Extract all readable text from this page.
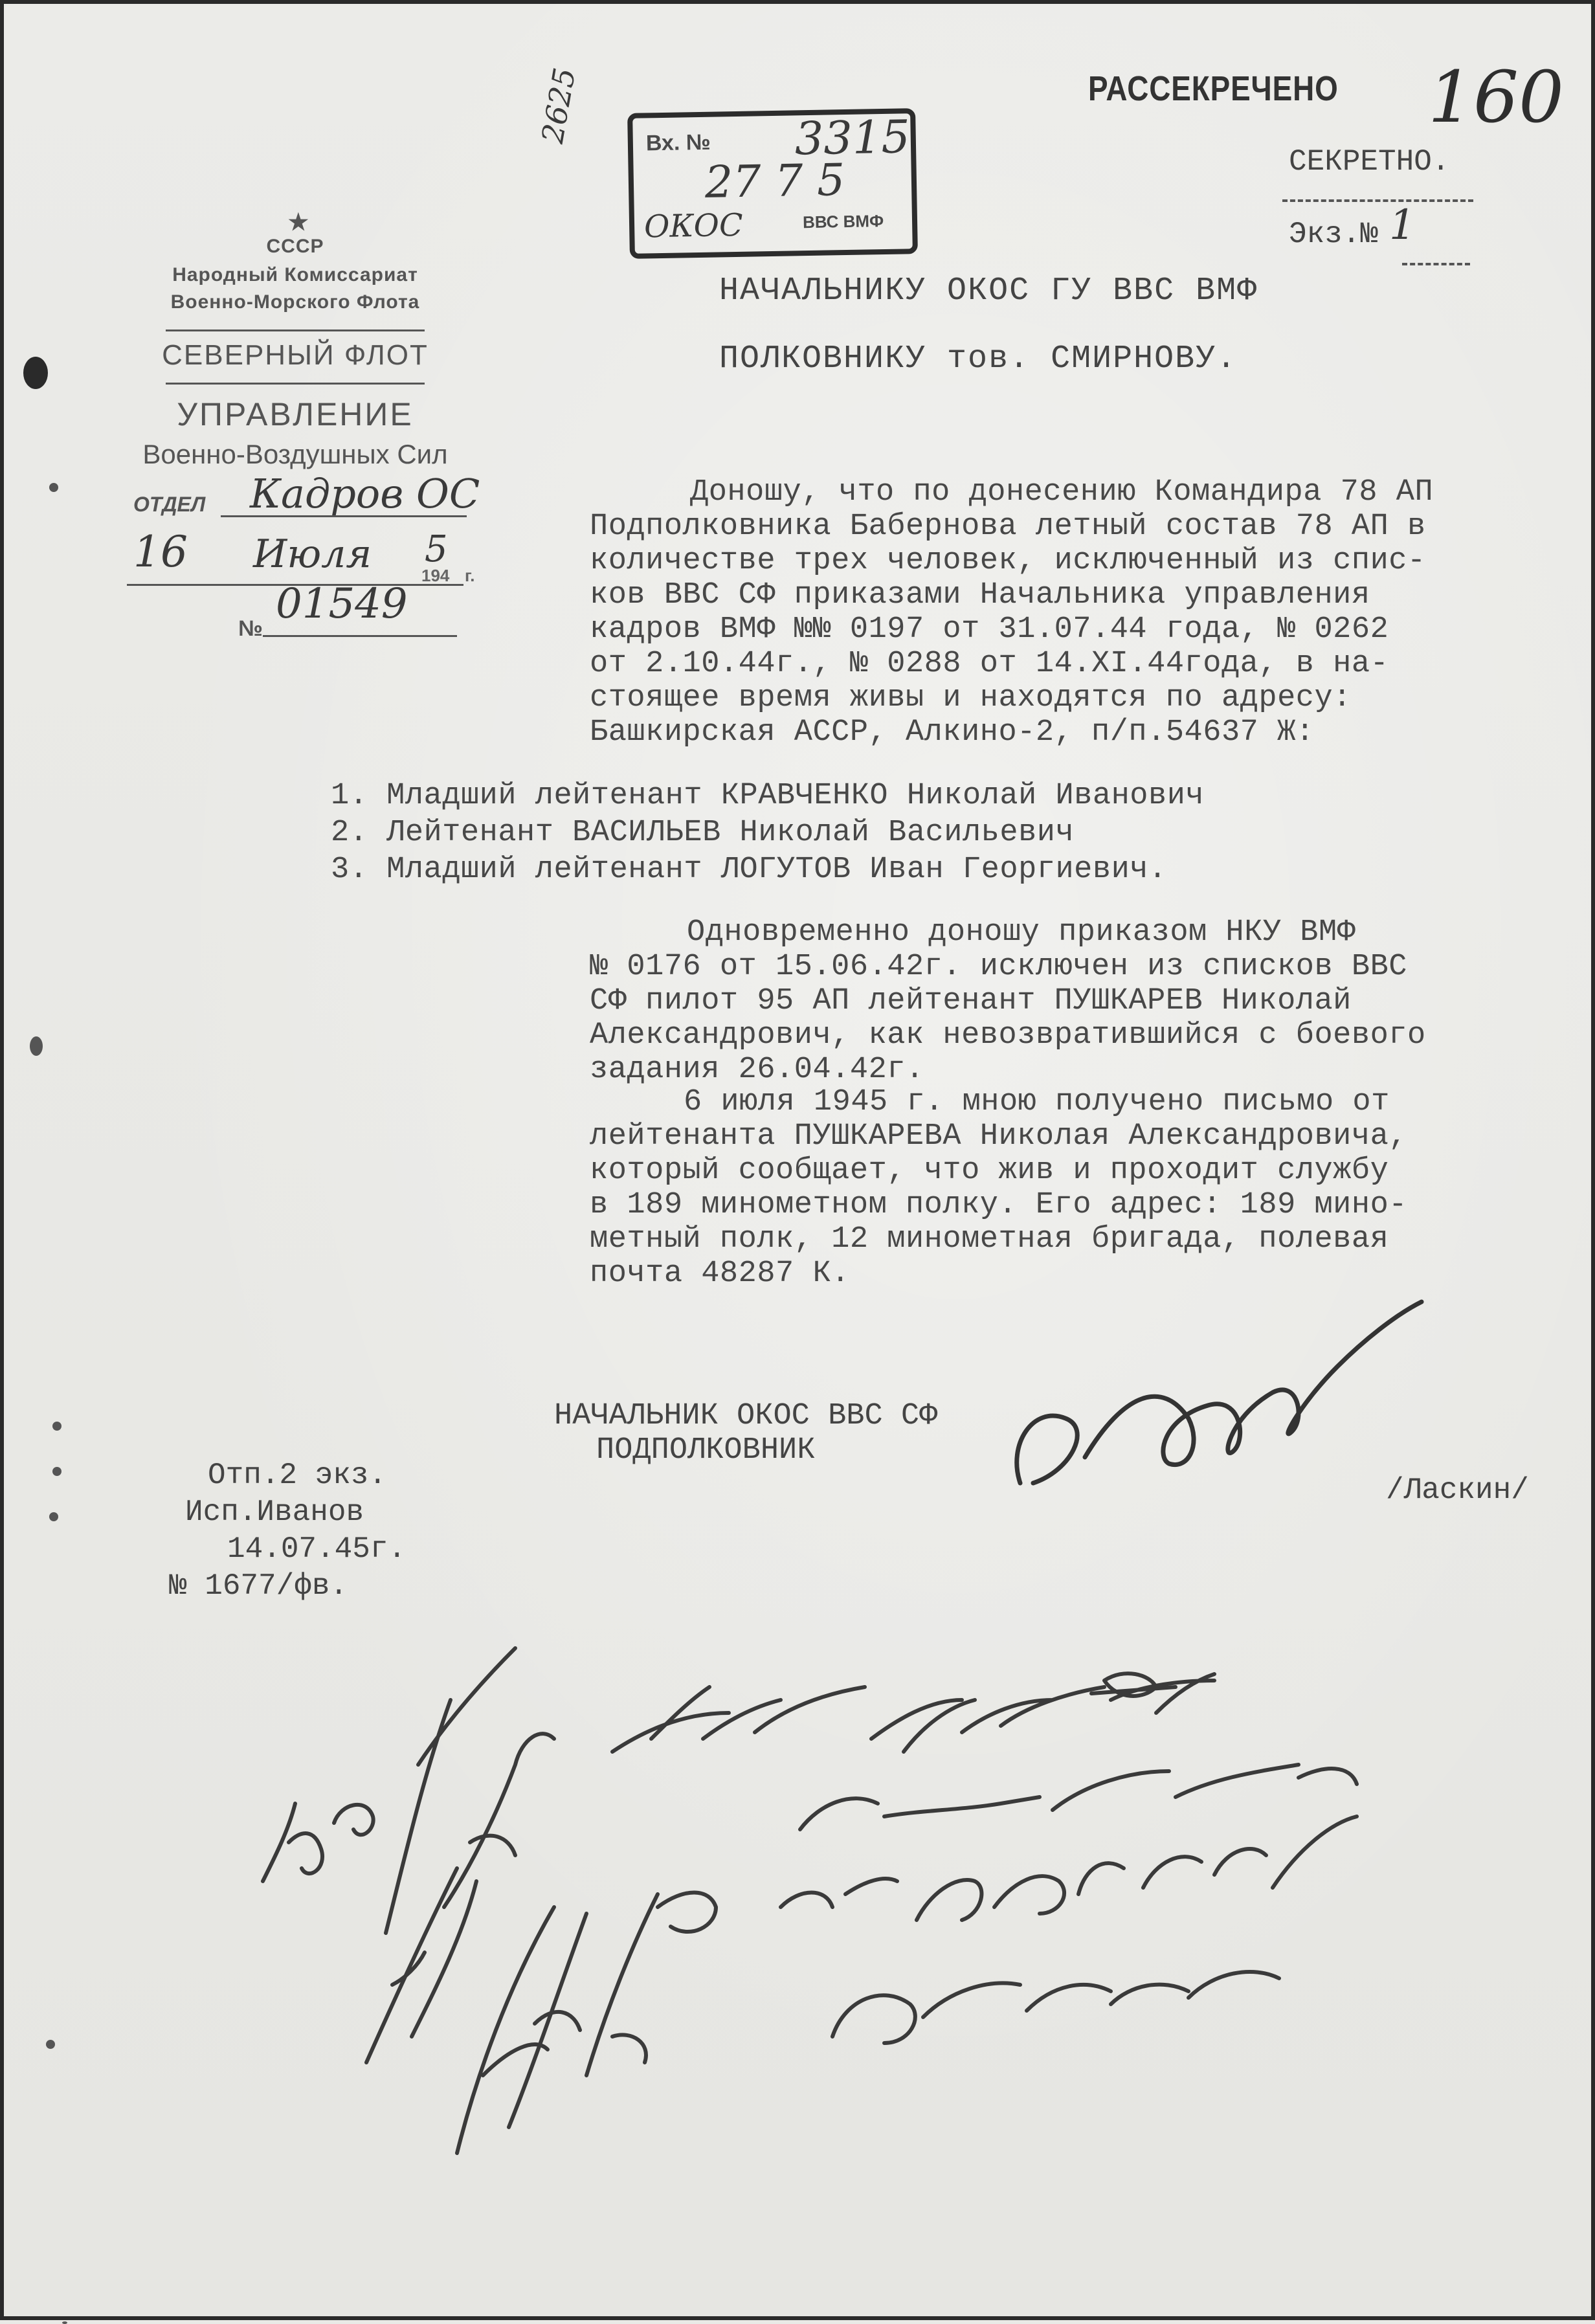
Вх. № 3315
27 7 5
ОКОС	ВВС ВМФ
2625	РАССЕКРЕЧЕНО 160
СЕКРЕТНО.
Экз.№ 1
★
СССР
Народный Комиссариат
Военно-Морского Флота
СЕВЕРНЫЙ ФЛОТ
УПРАВЛЕНИЕ
Военно-Воздушных Сил
ОТДЕЛ Кадров ОС
16 Июля	194
5
г.
№
01549
НАЧАЛЬНИКУ ОКОС ГУ ВВС ВМФ
ПОЛКОВНИКУ тов. СМИРНОВУ.
Доношу, что по донесению Командира 78 АП
Подполковника Бабернова летный состав 78 АП в
количестве трех человек, исключенный из спис-
ков ВВС СФ приказами Начальника управления
кадров ВМФ №№ 0197 от 31.07.44 года, № 0262
от 2.10.44г., № 0288 от 14.XI.44года, в на-
стоящее время живы и находятся по адресу:
Башкирская АССР, Алкино-2, п/п.54637 Ж:
1. Младший лейтенант КРАВЧЕНКО Николай Иванович
2. Лейтенант ВАСИЛЬЕВ Николай Васильевич
3. Младший лейтенант ЛОГУТОВ Иван Георгиевич.
Одновременно доношу приказом НКУ ВМФ
№ 0176 от 15.06.42г. исключен из списков ВВС
СФ пилот 95 АП лейтенант ПУШКАРЕВ Николай
Александрович, как невозвратившийся с боевого
задания 26.04.42г.
6 июля 1945 г. мною получено письмо от
лейтенанта ПУШКАРЕВА Николая Александровича,
который сообщает, что жив и проходит службу
в 189 минометном полку. Его адрес: 189 мино-
метный полк, 12 минометная бригада, полевая
почта 48287 К.
НАЧАЛЬНИК ОКОС ВВС СФ
ПОДПОЛКОВНИК
/Ласкин/
Отп.2 экз.
Исп.Иванов
14.07.45г.
№ 1677/фв.
